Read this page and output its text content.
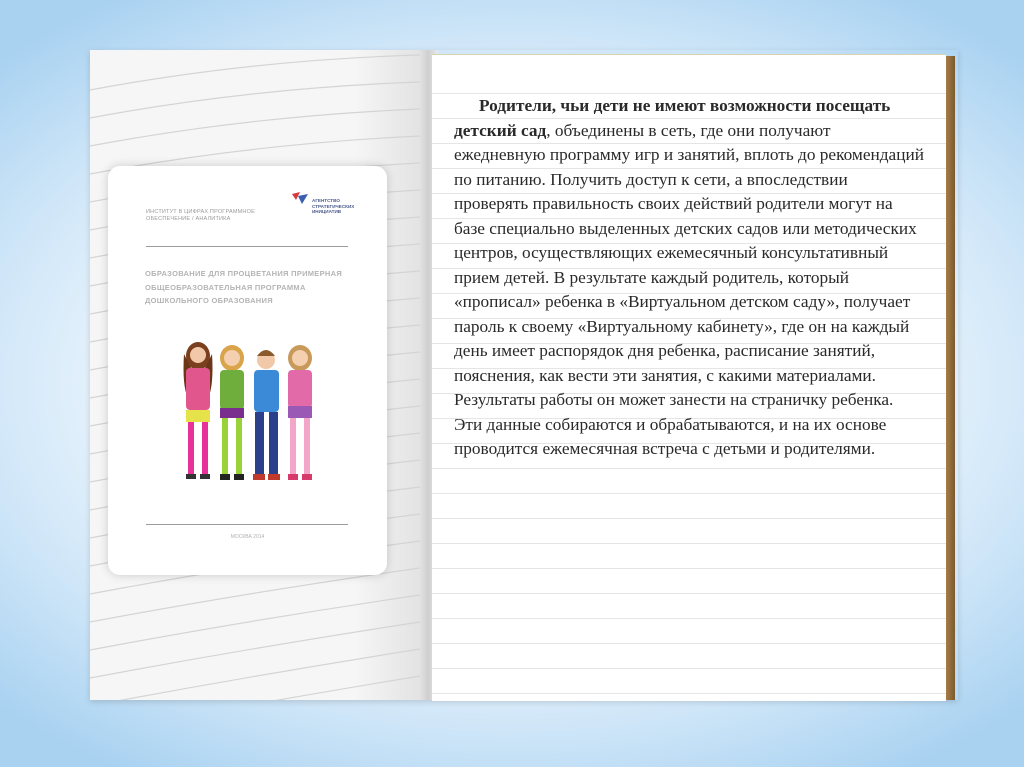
ИНСТИТУТ В ЦИФРАХ ПРОГРАММНОЕ ОБЕСПЕЧЕНИЕ / АНАЛИТИКА
АГЕНТСТВО СТРАТЕГИЧЕСКИХ ИНИЦИАТИВ
ОБРАЗОВАНИЕ ДЛЯ ПРОЦВЕТАНИЯ ПРИМЕРНАЯ ОБЩЕОБРАЗОВАТЕЛЬНАЯ ПРОГРАММА ДОШКОЛЬНОГО ОБРАЗОВАНИЯ
МОСКВА 2014

Родители, чьи дети не имеют возможности посещать детский сад, объединены в сеть, где они получают ежедневную программу игр и занятий, вплоть до рекомендаций по питанию. Получить доступ к сети, а впоследствии проверять правильность своих действий родители могут на базе специально выделенных детских садов или методических центров, осуществляющих ежемесячный консультативный прием детей. В результате каждый родитель, который «прописал» ребенка в «Виртуальном детском саду», получает пароль к своему «Виртуальному кабинету», где он на каждый день имеет распорядок дня ребенка, расписание занятий, пояснения, как вести эти занятия, с какими материалами. Результаты работы он может занести на страничку ребенка. Эти данные собираются и обрабатываются, и на их основе проводится ежемесячная встреча с детьми и родителями.
